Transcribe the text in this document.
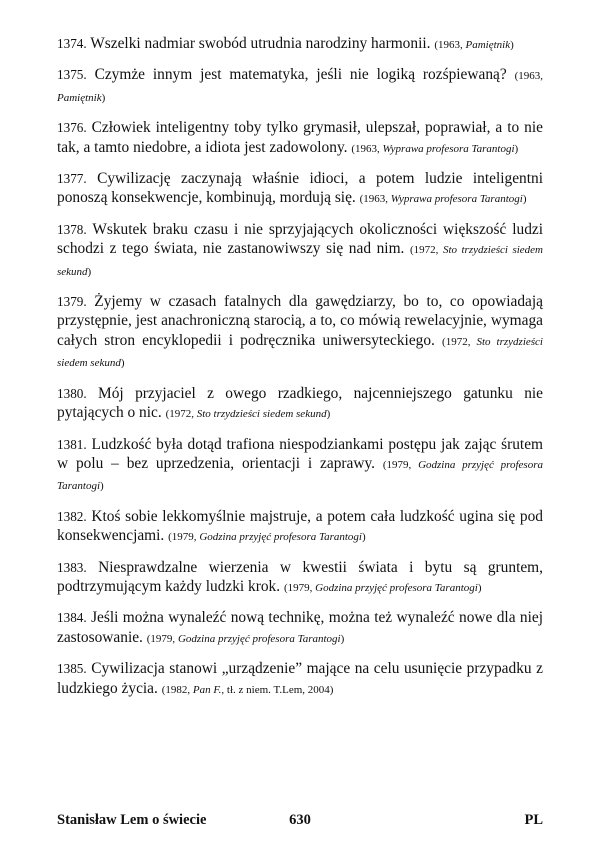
1374. Wszelki nadmiar swobód utrudnia narodziny harmonii. (1963, Pamiętnik)

1375. Czymże innym jest matematyka, jeśli nie logiką rozśpiewaną? (1963, Pamiętnik)

1376. Człowiek inteligentny toby tylko grymasił, ulepszał, poprawiał, a to nie tak, a tamto niedobre, a idiota jest zadowolony. (1963, Wyprawa profesora Tarantogi)

1377. Cywilizację zaczynają właśnie idioci, a potem ludzie inteligentni ponoszą konsekwencje, kombinują, mordują się. (1963, Wyprawa profesora Tarantogi)

1378. Wskutek braku czasu i nie sprzyjających okoliczności większość ludzi schodzi z tego świata, nie zastanowiwszy się nad nim. (1972, Sto trzydzieści siedem sekund)

1379. Żyjemy w czasach fatalnych dla gawędziarzy, bo to, co opowiadają przystępnie, jest anachroniczną starocią, a to, co mówią rewelacyjnie, wymaga całych stron encyklopedii i podręcznika uniwersyteckiego. (1972, Sto trzydzieści siedem sekund)

1380. Mój przyjaciel z owego rzadkiego, najcenniejszego gatunku nie pytających o nic. (1972, Sto trzydzieści siedem sekund)

1381. Ludzkość była dotąd trafiona niespodziankami postępu jak zając śrutem w polu – bez uprzedzenia, orientacji i zaprawy. (1979, Godzina przyjęć profesora Tarantogi)

1382. Ktoś sobie lekkomyślnie majstruje, a potem cała ludzkość ugina się pod konsekwencjami. (1979, Godzina przyjęć profesora Tarantogi)

1383. Niesprawdzalne wierzenia w kwestii świata i bytu są gruntem, podtrzymującym każdy ludzki krok. (1979, Godzina przyjęć profesora Tarantogi)

1384. Jeśli można wynaleźć nową technikę, można też wynaleźć nowe dla niej zastosowanie. (1979, Godzina przyjęć profesora Tarantogi)

1385. Cywilizacja stanowi „urządzenie” mające na celu usunięcie przypadku z ludzkiego życia. (1982, Pan F., tł. z niem. T.Lem, 2004)

Stanisław Lem o świecie	630	PL
